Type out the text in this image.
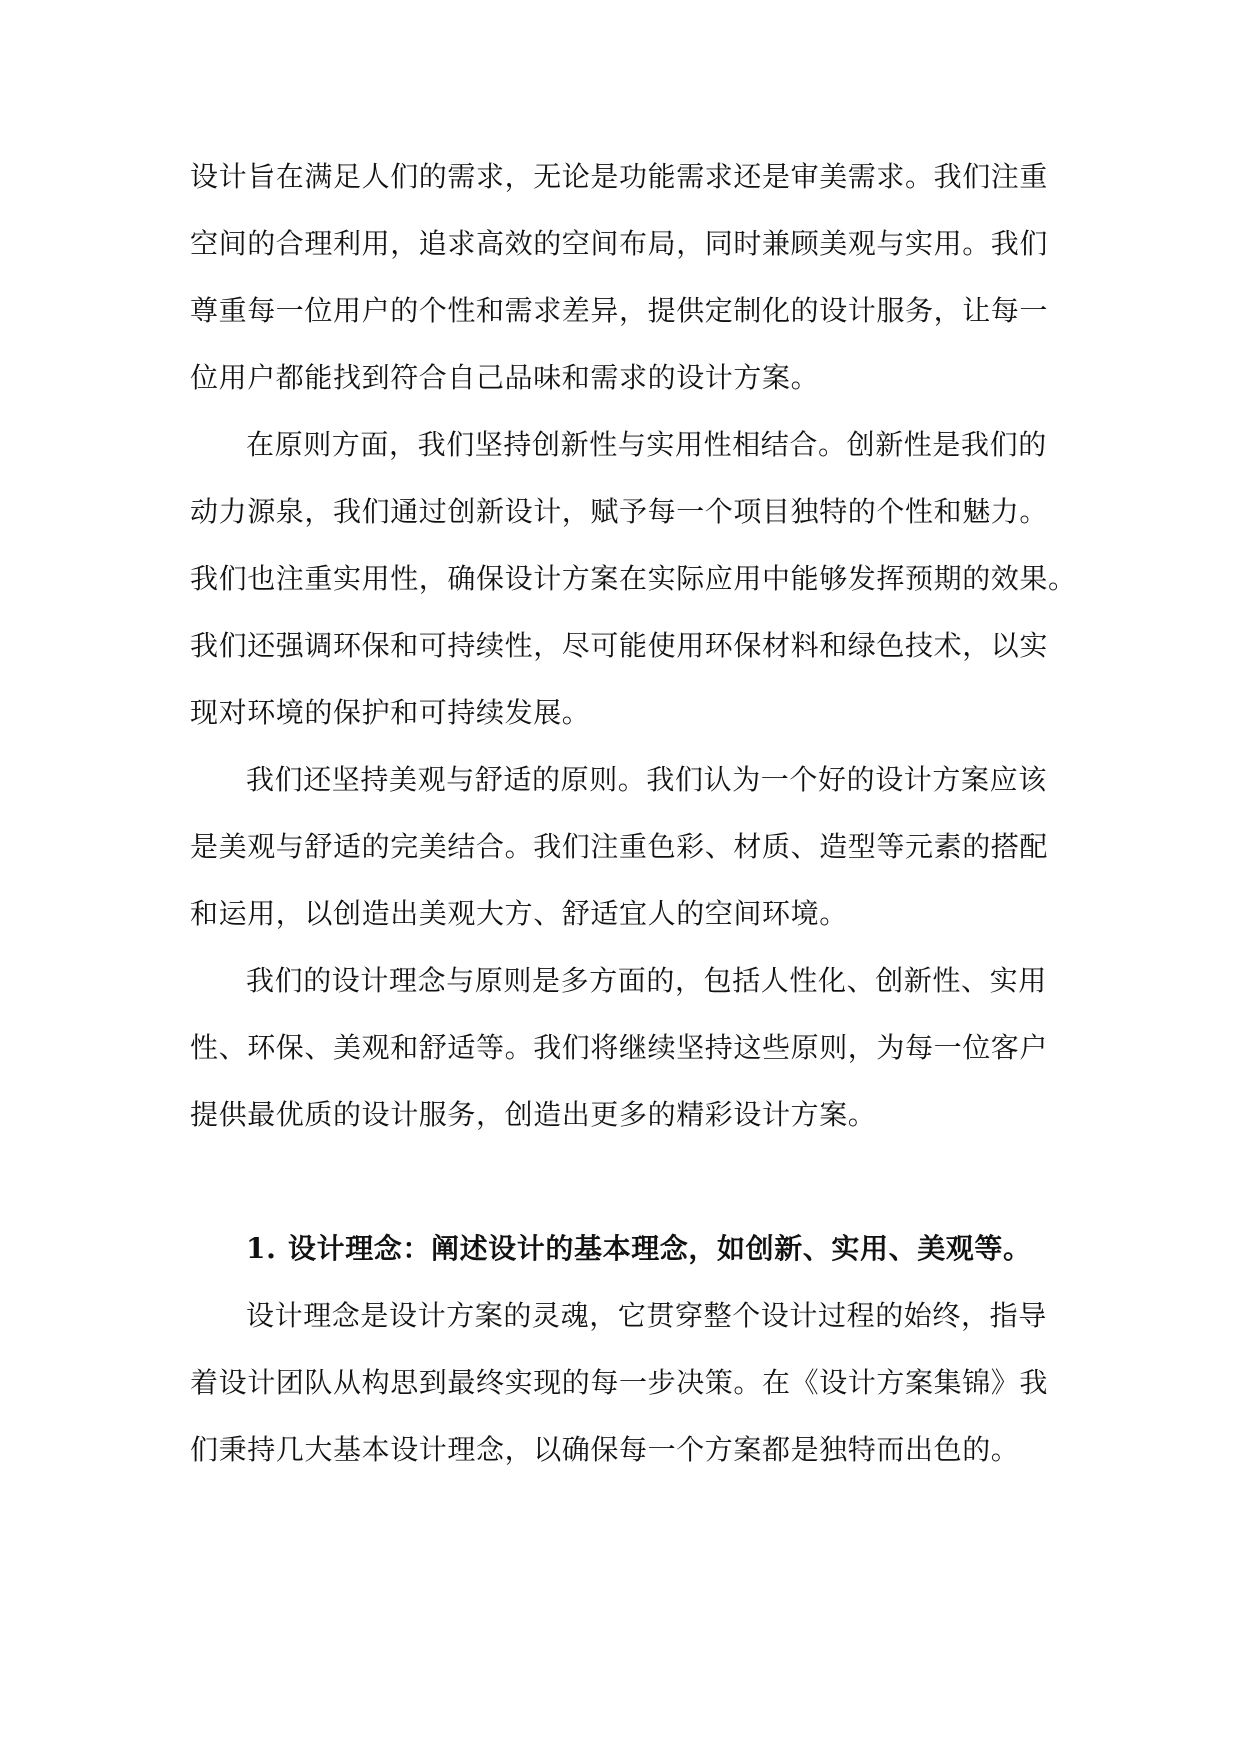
设计旨在满足人们的需求，无论是功能需求还是审美需求。我们注重
空间的合理利用，追求高效的空间布局，同时兼顾美观与实用。我们
尊重每一位用户的个性和需求差异，提供定制化的设计服务，让每一
位用户都能找到符合自己品味和需求的设计方案。
在原则方面，我们坚持创新性与实用性相结合。创新性是我们的
动力源泉，我们通过创新设计，赋予每一个项目独特的个性和魅力。
我们也注重实用性，确保设计方案在实际应用中能够发挥预期的效果。
我们还强调环保和可持续性，尽可能使用环保材料和绿色技术，以实
现对环境的保护和可持续发展。
我们还坚持美观与舒适的原则。我们认为一个好的设计方案应该
是美观与舒适的完美结合。我们注重色彩、材质、造型等元素的搭配
和运用，以创造出美观大方、舒适宜人的空间环境。
我们的设计理念与原则是多方面的，包括人性化、创新性、实用
性、环保、美观和舒适等。我们将继续坚持这些原则，为每一位客户
提供最优质的设计服务，创造出更多的精彩设计方案。
1. 设计理念：阐述设计的基本理念，如创新、实用、美观等。
设计理念是设计方案的灵魂，它贯穿整个设计过程的始终，指导
着设计团队从构思到最终实现的每一步决策。在《设计方案集锦》我
们秉持几大基本设计理念，以确保每一个方案都是独特而出色的。
